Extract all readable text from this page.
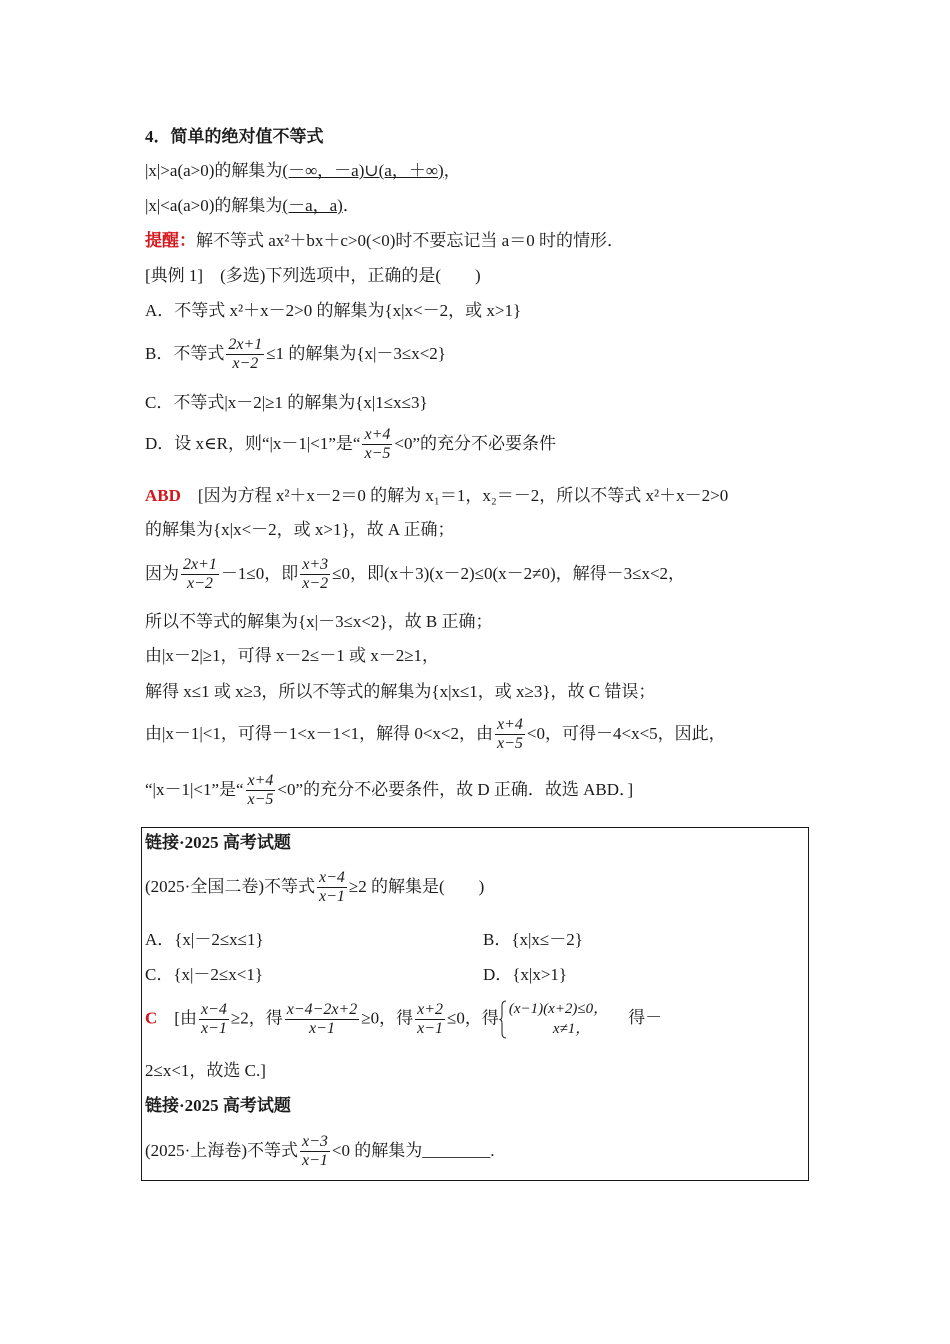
4．简单的绝对值不等式
|x|>a(a>0)的解集为(－∞，－a)∪(a，＋∞)，
|x|<a(a>0)的解集为(－a，a)．
提醒：解不等式 ax²＋bx＋c>0(<0)时不要忘记当 a＝0 时的情形．
[典例 1]　(多选)下列选项中，正确的是(　　)
A．不等式 x²＋x－2>0 的解集为{x|x<－2，或 x>1}
B．不等式 $\frac{2x+1}{x-2} \le 1$ 的解集为{x|－3≤x<2}
C．不等式|x－2|≥1 的解集为{x|1≤x≤3}
D．设 x∈R，则“|x－1|<1”是“ $\frac{x+4}{x-5} <0$”的充分不必要条件
ABD　 [因为方程 x²＋x－2＝0 的解为 x₁＝1，x₂＝－2，所以不等式 x²＋x－2>0
的解集为{x|x<－2，或 x>1}，故 A 正确；
因为 $\frac{2x+1}{x-2} -1\le 0$，即 $\frac{x+3}{x-2} \le 0$，即(x＋3)(x－2)≤0(x－2≠0)，解得－3≤x<2，
所以不等式的解集为{x|－3≤x<2}，故 B 正确；
由|x－2|≥1，可得 x－2≤－1 或 x－2≥1，
解得 x≤1 或 x≥3，所以不等式的解集为{x|x≤1，或 x≥3}，故 C 错误；
由|x－1|<1，可得－1<x－1<1，解得 0<x<2，由 $\frac{x+4}{x-5} <0$，可得－4<x<5，因此，
“|x－1|<1”是“ $\frac{x+4}{x-5} <0$”的充分不必要条件，故 D 正确．故选 ABD．]
链接·2025 高考试题
(2025·全国二卷)不等式 $\frac{x-4}{x-1} \ge 2$ 的解集是(　　)
A．{x|－2≤x≤1}	B．{x|x≤－2}
C．{x|－2≤x<1}	D．{x|x>1}
C　 [由 $\frac{x-4}{x-1} \ge 2$，得 $\frac{x-4-2x+2}{x-1} \ge 0$，得 $\frac{x+2}{x-1} \le 0$，得 (x−1)(x+2)≤0，
x≠1，
得－
2≤x<1，故选 C.]
链接·2025 高考试题
(2025·上海卷)不等式 $\frac{x-3}{x-1} <0$ 的解集为________.
